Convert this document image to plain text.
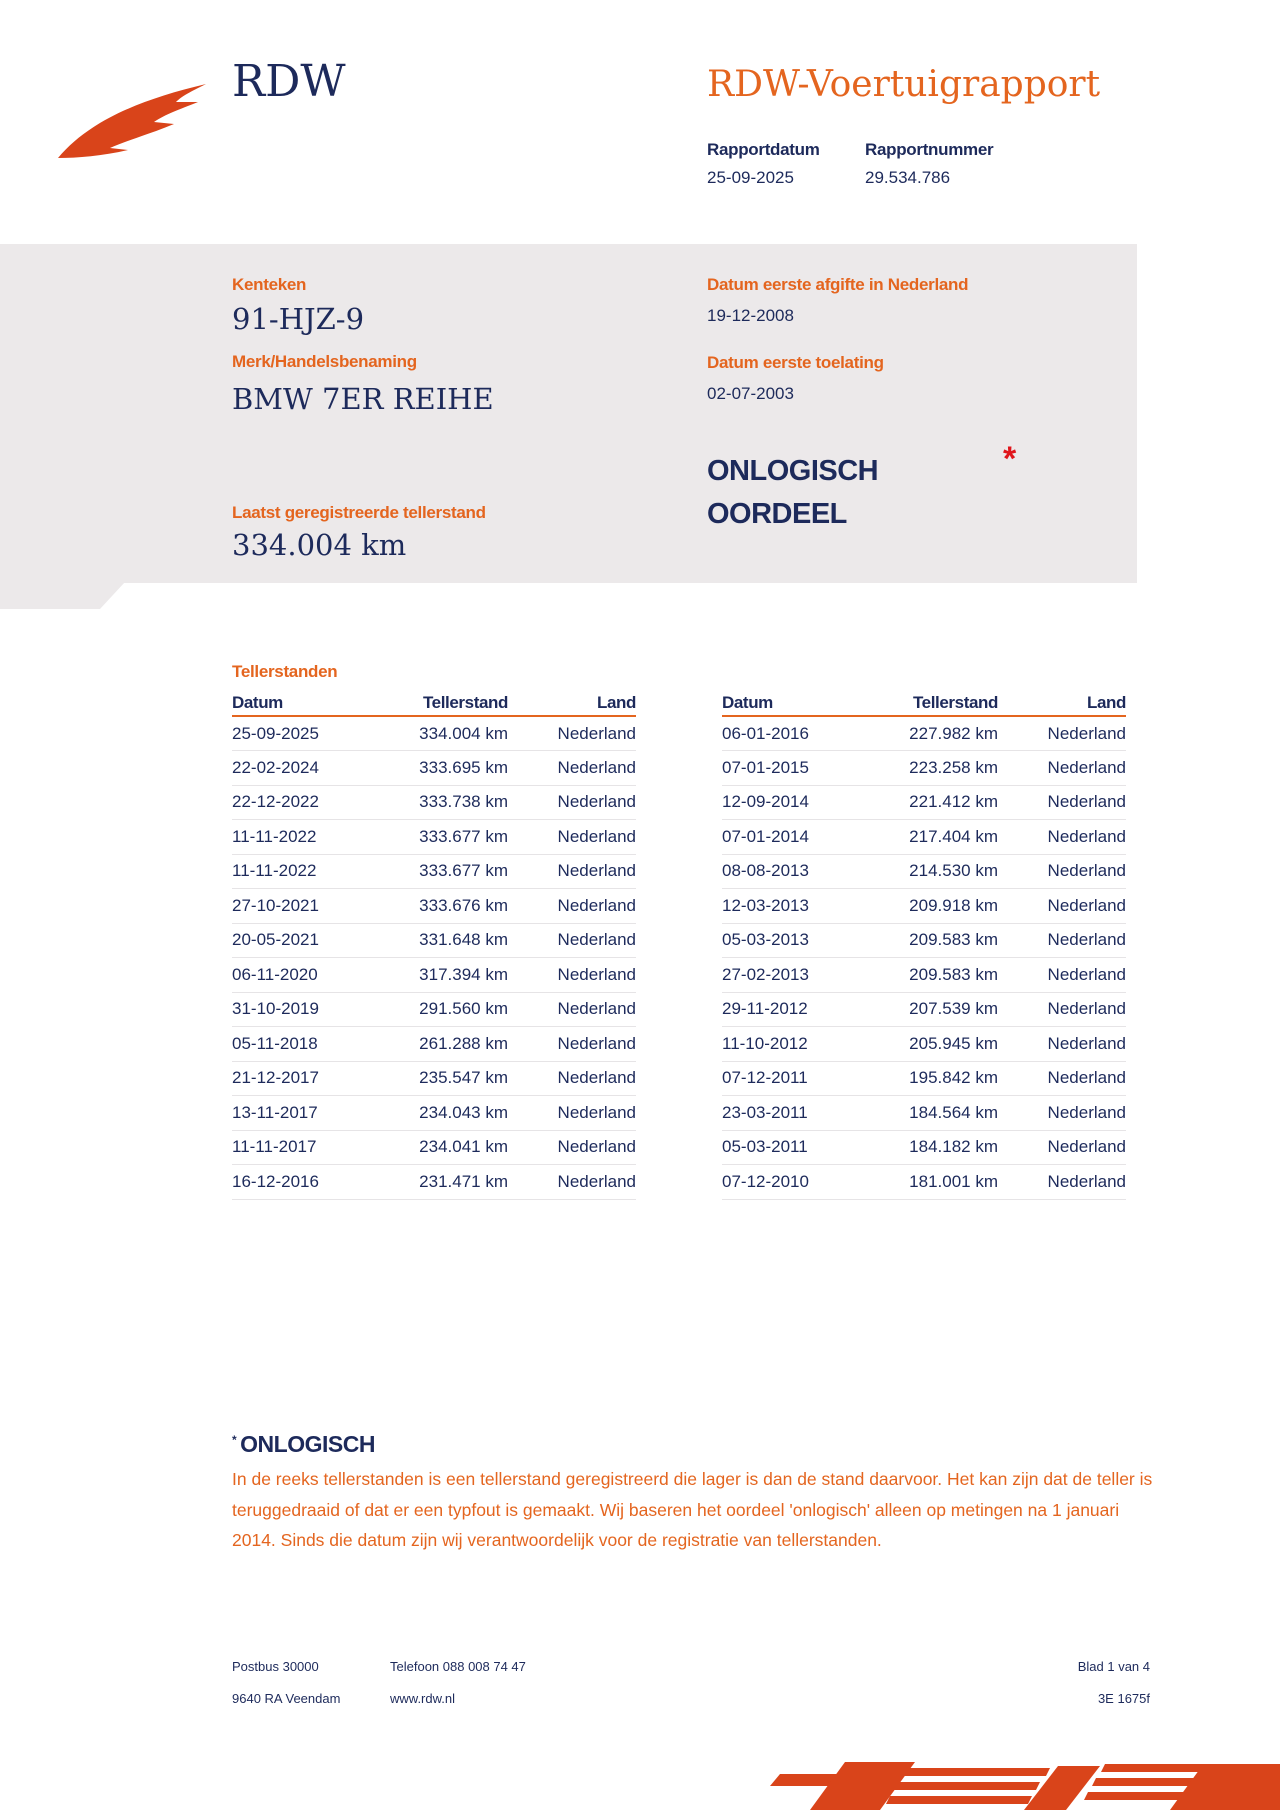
RDW	RDW-Voertuigrapport
Rapportdatum
25-09-2025
Rapportnummer
29.534.786
Kenteken
91-HJZ-9
Merk/Handelsbenaming
BMW 7ER REIHE
Laatst geregistreerde tellerstand
334.004 km
Datum eerste afgifte in Nederland
19-12-2008
Datum eerste toelating
02-07-2003
ONLOGISCH
OORDEEL
*
Tellerstanden
Datum	Tellerstand	Land
25-09-2025	334.004 km	Nederland
22-02-2024	333.695 km	Nederland
22-12-2022	333.738 km	Nederland
11-11-2022	333.677 km	Nederland
11-11-2022	333.677 km	Nederland
27-10-2021	333.676 km	Nederland
20-05-2021	331.648 km	Nederland
06-11-2020	317.394 km	Nederland
31-10-2019	291.560 km	Nederland
05-11-2018	261.288 km	Nederland
21-12-2017	235.547 km	Nederland
13-11-2017	234.043 km	Nederland
11-11-2017	234.041 km	Nederland
16-12-2016	231.471 km	Nederland
Datum	Tellerstand	Land
06-01-2016	227.982 km	Nederland
07-01-2015	223.258 km	Nederland
12-09-2014	221.412 km	Nederland
07-01-2014	217.404 km	Nederland
08-08-2013	214.530 km	Nederland
12-03-2013	209.918 km	Nederland
05-03-2013	209.583 km	Nederland
27-02-2013	209.583 km	Nederland
29-11-2012	207.539 km	Nederland
11-10-2012	205.945 km	Nederland
07-12-2011	195.842 km	Nederland
23-03-2011	184.564 km	Nederland
05-03-2011	184.182 km	Nederland
07-12-2010	181.001 km	Nederland
* ONLOGISCH
In de reeks tellerstanden is een tellerstand geregistreerd die lager is dan de stand daarvoor. Het kan zijn dat de teller is teruggedraaid of dat er een typfout is gemaakt. Wij baseren het oordeel 'onlogisch' alleen op metingen na 1 januari 2014. Sinds die datum zijn wij verantwoordelijk voor de registratie van tellerstanden.
Postbus 30000
9640 RA Veendam
Telefoon 088 008 74 47
www.rdw.nl
Blad 1 van 4
3E 1675f
